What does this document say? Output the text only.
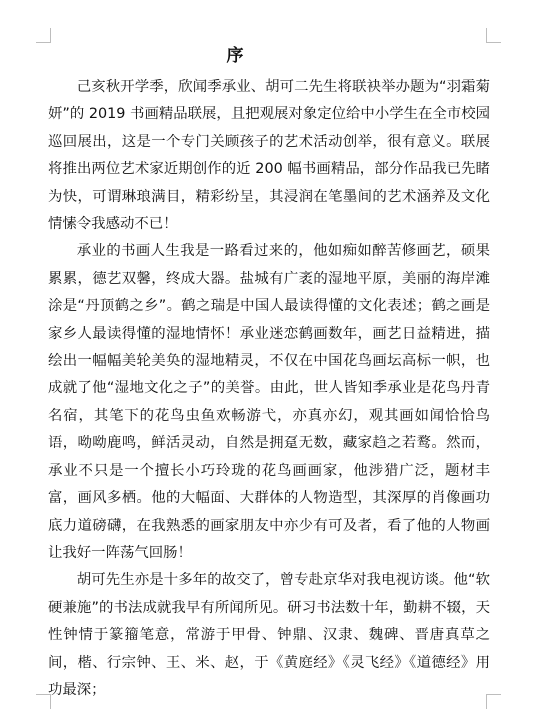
序

己亥秋开学季，欣闻季承业、胡可二先生将联袂举办题为“羽霜菊妍”的 2019 书画精品联展，且把观展对象定位给中小学生在全市校园巡回展出，这是一个专门关顾孩子的艺术活动创举，很有意义。联展将推出两位艺术家近期创作的近 200 幅书画精品，部分作品我已先睹为快，可谓琳琅满目，精彩纷呈，其浸润在笔墨间的艺术涵养及文化情愫令我感动不已！

承业的书画人生我是一路看过来的，他如痴如醉苦修画艺，硕果累累，德艺双馨，终成大器。盐城有广袤的湿地平原，美丽的海岸滩涂是“丹顶鹤之乡”。鹤之瑞是中国人最读得懂的文化表述；鹤之画是家乡人最读得懂的湿地情怀！承业迷恋鹤画数年，画艺日益精进，描绘出一幅幅美轮美奂的湿地精灵，不仅在中国花鸟画坛高标一帜，也成就了他“湿地文化之子”的美誉。由此，世人皆知季承业是花鸟丹青名宿，其笔下的花鸟虫鱼欢畅游弋，亦真亦幻，观其画如闻恰恰鸟语，呦呦鹿鸣，鲜活灵动，自然是拥趸无数，藏家趋之若鹜。然而，承业不只是一个擅长小巧玲珑的花鸟画画家，他涉猎广泛，题材丰富，画风多栖。他的大幅面、大群体的人物造型，其深厚的肖像画功底力道磅礴，在我熟悉的画家朋友中亦少有可及者，看了他的人物画让我好一阵荡气回肠！

胡可先生亦是十多年的故交了，曾专赴京华对我电视访谈。他“软硬兼施”的书法成就我早有所闻所见。研习书法数十年，勤耕不辍，天性钟情于篆籀笔意，常游于甲骨、钟鼎、汉隶、魏碑、晋唐真草之间，楷、行宗钟、王、米、赵，于《黄庭经》《灵飞经》《道德经》用功最深；
